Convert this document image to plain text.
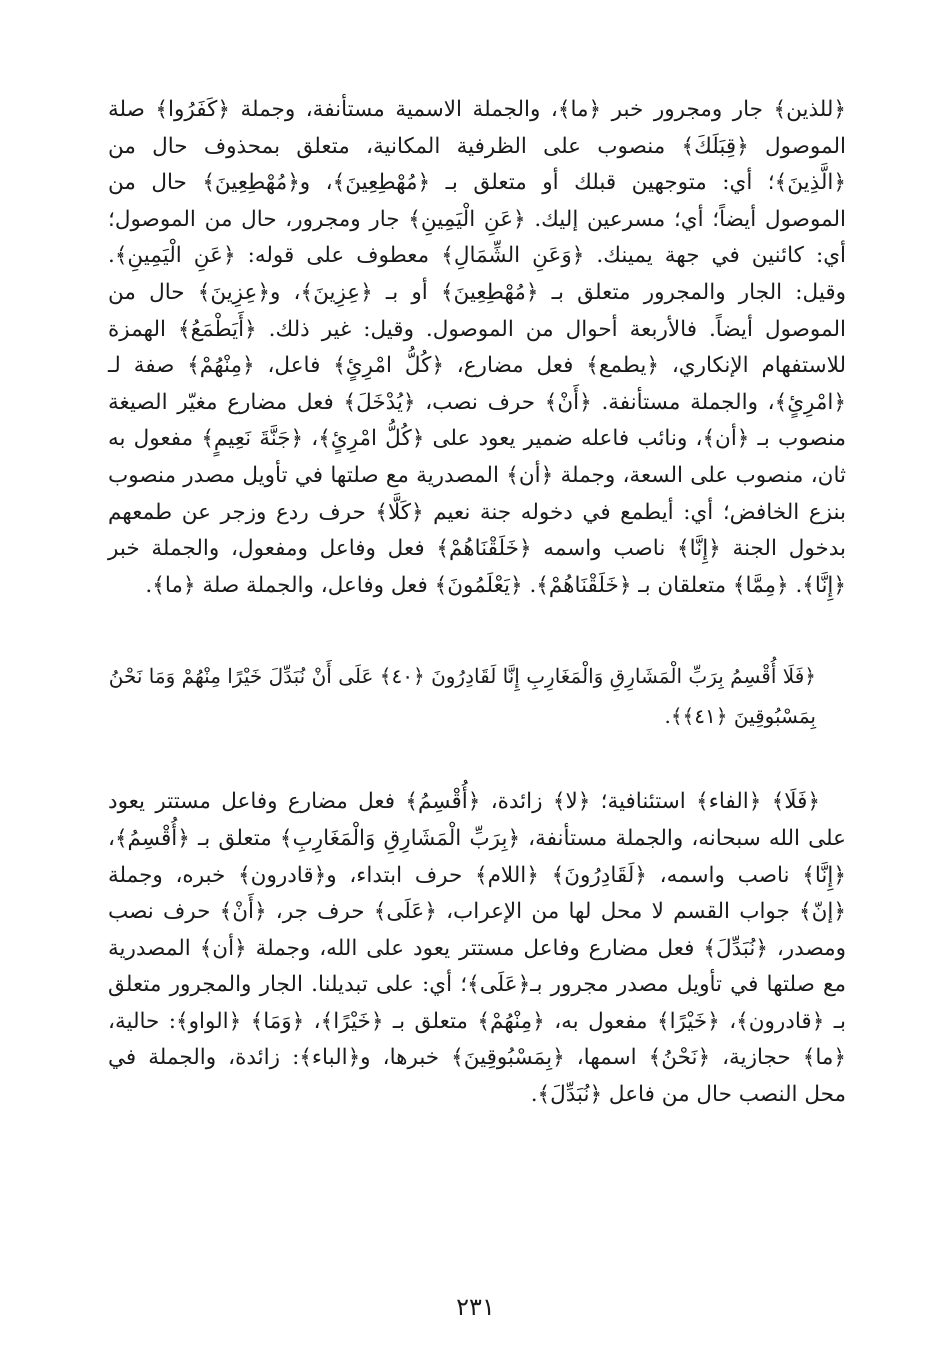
﴿للذين﴾ جار ومجرور خبر ﴿ما﴾، والجملة الاسمية مستأنفة، وجملة ﴿كَفَرُوا﴾ صلة الموصول ﴿قِبَلَكَ﴾ منصوب على الظرفية المكانية، متعلق بمحذوف حال من ﴿الَّذِينَ﴾؛ أي: متوجهين قبلك أو متعلق بـ ﴿مُهْطِعِينَ﴾، و﴿مُهْطِعِينَ﴾ حال من الموصول أيضاً؛ أي؛ مسرعين إليك. ﴿عَنِ الْيَمِينِ﴾ جار ومجرور، حال من الموصول؛ أي: كائنين في جهة يمينك. ﴿وَعَنِ الشِّمَالِ﴾ معطوف على قوله: ﴿عَنِ الْيَمِينِ﴾. وقيل: الجار والمجرور متعلق بـ ﴿مُهْطِعِينَ﴾ أو بـ ﴿عِزِينَ﴾، و﴿عِزِينَ﴾ حال من الموصول أيضاً. فالأربعة أحوال من الموصول. وقيل: غير ذلك. ﴿أَيَطْمَعُ﴾ الهمزة للاستفهام الإنكاري، ﴿يطمع﴾ فعل مضارع، ﴿كُلُّ امْرِئٍ﴾ فاعل، ﴿مِنْهُمْ﴾ صفة لـ ﴿امْرِئٍ﴾، والجملة مستأنفة. ﴿أَنْ﴾ حرف نصب، ﴿يُدْخَلَ﴾ فعل مضارع مغيّر الصيغة منصوب بـ ﴿أن﴾، ونائب فاعله ضمير يعود على ﴿كُلُّ امْرِئٍ﴾، ﴿جَنَّةَ نَعِيمٍ﴾ مفعول به ثان، منصوب على السعة، وجملة ﴿أن﴾ المصدرية مع صلتها في تأويل مصدر منصوب بنزع الخافض؛ أي: أيطمع في دخوله جنة نعيم ﴿كَلَّا﴾ حرف ردع وزجر عن طمعهم بدخول الجنة ﴿إِنَّا﴾ ناصب واسمه ﴿خَلَقْنَاهُمْ﴾ فعل وفاعل ومفعول، والجملة خبر ﴿إِنَّا﴾. ﴿مِمَّا﴾ متعلقان بـ ﴿خَلَقْنَاهُمْ﴾. ﴿يَعْلَمُونَ﴾ فعل وفاعل، والجملة صلة ﴿ما﴾.

﴿فَلَا أُقْسِمُ بِرَبِّ الْمَشَارِقِ وَالْمَغَارِبِ إِنَّا لَقَادِرُونَ ﴿٤٠﴾ عَلَى أَنْ نُبَدِّلَ خَيْرًا مِنْهُمْ وَمَا نَحْنُ بِمَسْبُوقِينَ ﴿٤١﴾﴾.

﴿فَلَا﴾ ﴿الفاء﴾ استئنافية؛ ﴿لا﴾ زائدة، ﴿أُقْسِمُ﴾ فعل مضارع وفاعل مستتر يعود على الله سبحانه، والجملة مستأنفة، ﴿بِرَبِّ الْمَشَارِقِ وَالْمَغَارِبِ﴾ متعلق بـ ﴿أُقْسِمُ﴾، ﴿إِنَّا﴾ ناصب واسمه، ﴿لَقَادِرُونَ﴾ ﴿اللام﴾ حرف ابتداء، و﴿قادرون﴾ خبره، وجملة ﴿إنّ﴾ جواب القسم لا محل لها من الإعراب، ﴿عَلَى﴾ حرف جر، ﴿أَنْ﴾ حرف نصب ومصدر، ﴿نُبَدِّلَ﴾ فعل مضارع وفاعل مستتر يعود على الله، وجملة ﴿أن﴾ المصدرية مع صلتها في تأويل مصدر مجرور بـ﴿عَلَى﴾؛ أي: على تبديلنا. الجار والمجرور متعلق بـ ﴿قادرون﴾، ﴿خَيْرًا﴾ مفعول به، ﴿مِنْهُمْ﴾ متعلق بـ ﴿خَيْرًا﴾، ﴿وَمَا﴾ ﴿الواو﴾: حالية، ﴿ما﴾ حجازية، ﴿نَحْنُ﴾ اسمها، ﴿بِمَسْبُوقِينَ﴾ خبرها، و﴿الباء﴾: زائدة، والجملة في محل النصب حال من فاعل ﴿نُبَدِّلَ﴾.

٢٣١
